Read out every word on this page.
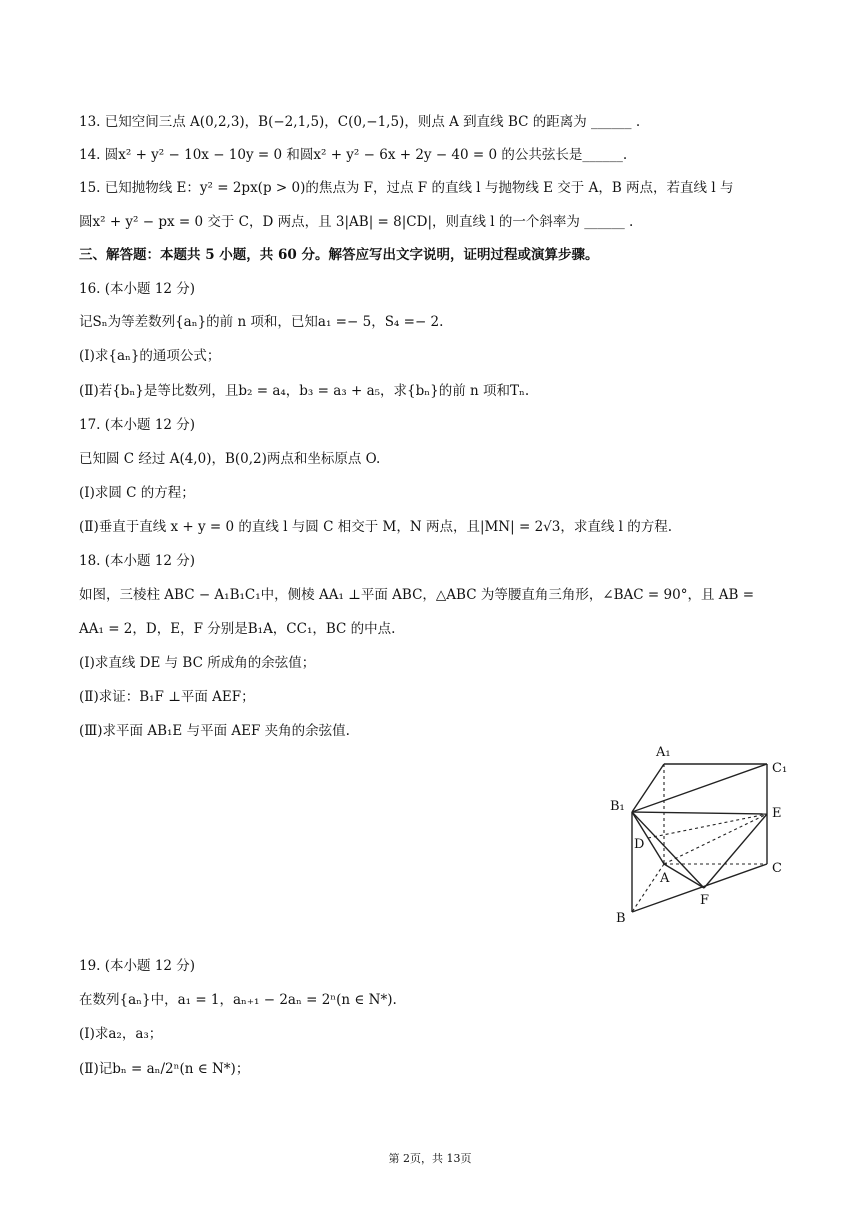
13. 已知空间三点 A(0,2,3)，B(−2,1,5)，C(0,−1,5)，则点 A 到直线 BC 的距离为 ______ .
14. 圆x² + y² − 10x − 10y = 0 和圆x² + y² − 6x + 2y − 40 = 0 的公共弦长是______.
15. 已知抛物线 E：y² = 2px(p > 0)的焦点为 F，过点 F 的直线 l 与抛物线 E 交于 A，B 两点，若直线 l 与
圆x² + y² − px = 0 交于 C，D 两点，且 3|AB| = 8|CD|，则直线 l 的一个斜率为 ______ .
三、解答题：本题共 5 小题，共 60 分。解答应写出文字说明，证明过程或演算步骤。
16. (本小题 12 分)
记Sₙ为等差数列{aₙ}的前 n 项和，已知a₁ =− 5，S₄ =− 2.
(Ⅰ)求{aₙ}的通项公式；
(Ⅱ)若{bₙ}是等比数列，且b₂ = a₄，b₃ = a₃ + a₅，求{bₙ}的前 n 项和Tₙ.
17. (本小题 12 分)
已知圆 C 经过 A(4,0)，B(0,2)两点和坐标原点 O.
(Ⅰ)求圆 C 的方程；
(Ⅱ)垂直于直线 x + y = 0 的直线 l 与圆 C 相交于 M，N 两点，且|MN| = 2√3，求直线 l 的方程.
18. (本小题 12 分)
如图，三棱柱 ABC − A₁B₁C₁中，侧棱 AA₁ ⊥平面 ABC，△ABC 为等腰直角三角形，∠BAC = 90°，且 AB =
AA₁ = 2，D，E，F 分别是B₁A，CC₁，BC 的中点.
(Ⅰ)求直线 DE 与 BC 所成角的余弦值；
(Ⅱ)求证：B₁F ⊥平面 AEF；
(Ⅲ)求平面 AB₁E 与平面 AEF 夹角的余弦值.
A₁
C₁
B₁	E
D
A
C
B
F
19. (本小题 12 分)
在数列{aₙ}中，a₁ = 1，aₙ₊₁ − 2aₙ = 2ⁿ(n ∈ N*).
(Ⅰ)求a₂，a₃；
(Ⅱ)记bₙ = aₙ/2ⁿ(n ∈ N*)；
第 2页，共 13页
